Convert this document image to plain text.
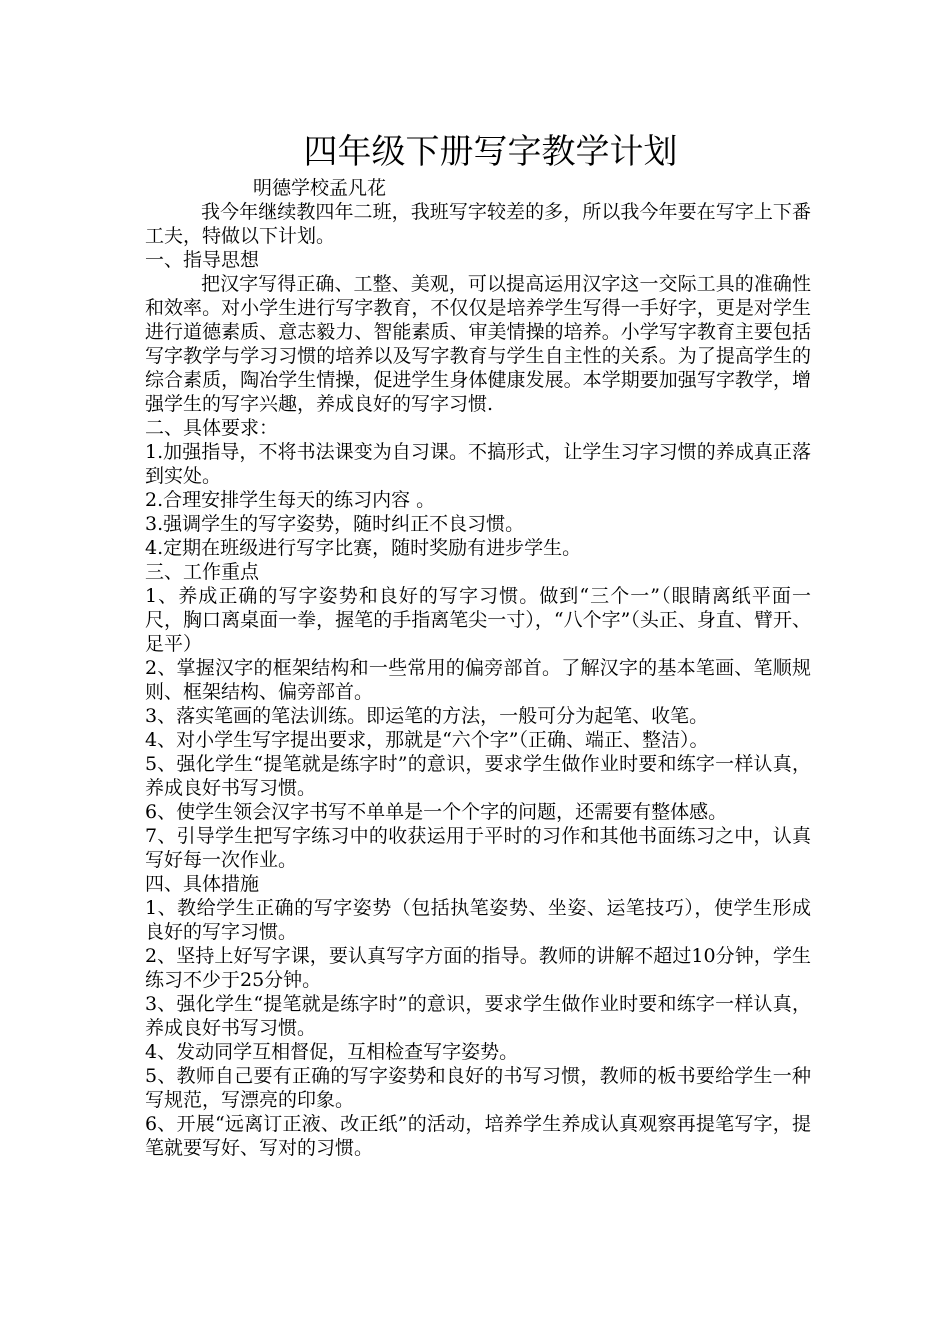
四年级下册写字教学计划

明德学校孟凡花

我今年继续教四年二班，我班写字较差的多，所以我今年要在写字上下番工夫，特做以下计划。

一、指导思想

把汉字写得正确、工整、美观，可以提高运用汉字这一交际工具的准确性和效率。对小学生进行写字教育，不仅仅是培养学生写得一手好字，更是对学生进行道德素质、意志毅力、智能素质、审美情操的培养。小学写字教育主要包括写字教学与学习习惯的培养以及写字教育与学生自主性的关系。为了提高学生的综合素质，陶冶学生情操，促进学生身体健康发展。本学期要加强写字教学，增强学生的写字兴趣，养成良好的写字习惯.

二、具体要求：

1.加强指导，不将书法课变为自习课。不搞形式，让学生习字习惯的养成真正落到实处。

2.合理安排学生每天的练习内容 。

3.强调学生的写字姿势，随时纠正不良习惯。

4.定期在班级进行写字比赛，随时奖励有进步学生。

三、工作重点

1、养成正确的写字姿势和良好的写字习惯。做到“三个一”（眼睛离纸平面一尺，胸口离桌面一拳，握笔的手指离笔尖一寸），“八个字”（头正、身直、臂开、足平）

2、掌握汉字的框架结构和一些常用的偏旁部首。了解汉字的基本笔画、笔顺规则、框架结构、偏旁部首。

3、落实笔画的笔法训练。即运笔的方法，一般可分为起笔、收笔。

4、对小学生写字提出要求，那就是“六个字”（正确、端正、整洁）。

5、强化学生“提笔就是练字时”的意识，要求学生做作业时要和练字一样认真，养成良好书写习惯。

6、使学生领会汉字书写不单单是一个个字的问题，还需要有整体感。

7、引导学生把写字练习中的收获运用于平时的习作和其他书面练习之中，认真写好每一次作业。

四、具体措施

1、教给学生正确的写字姿势（包括执笔姿势、坐姿、运笔技巧），使学生形成良好的写字习惯。

2、坚持上好写字课，要认真写字方面的指导。教师的讲解不超过10分钟，学生练习不少于25分钟。

3、强化学生“提笔就是练字时”的意识，要求学生做作业时要和练字一样认真，养成良好书写习惯。

4、发动同学互相督促，互相检查写字姿势。

5、教师自己要有正确的写字姿势和良好的书写习惯，教师的板书要给学生一种写规范，写漂亮的印象。

6、开展“远离订正液、改正纸”的活动，培养学生养成认真观察再提笔写字，提笔就要写好、写对的习惯。
